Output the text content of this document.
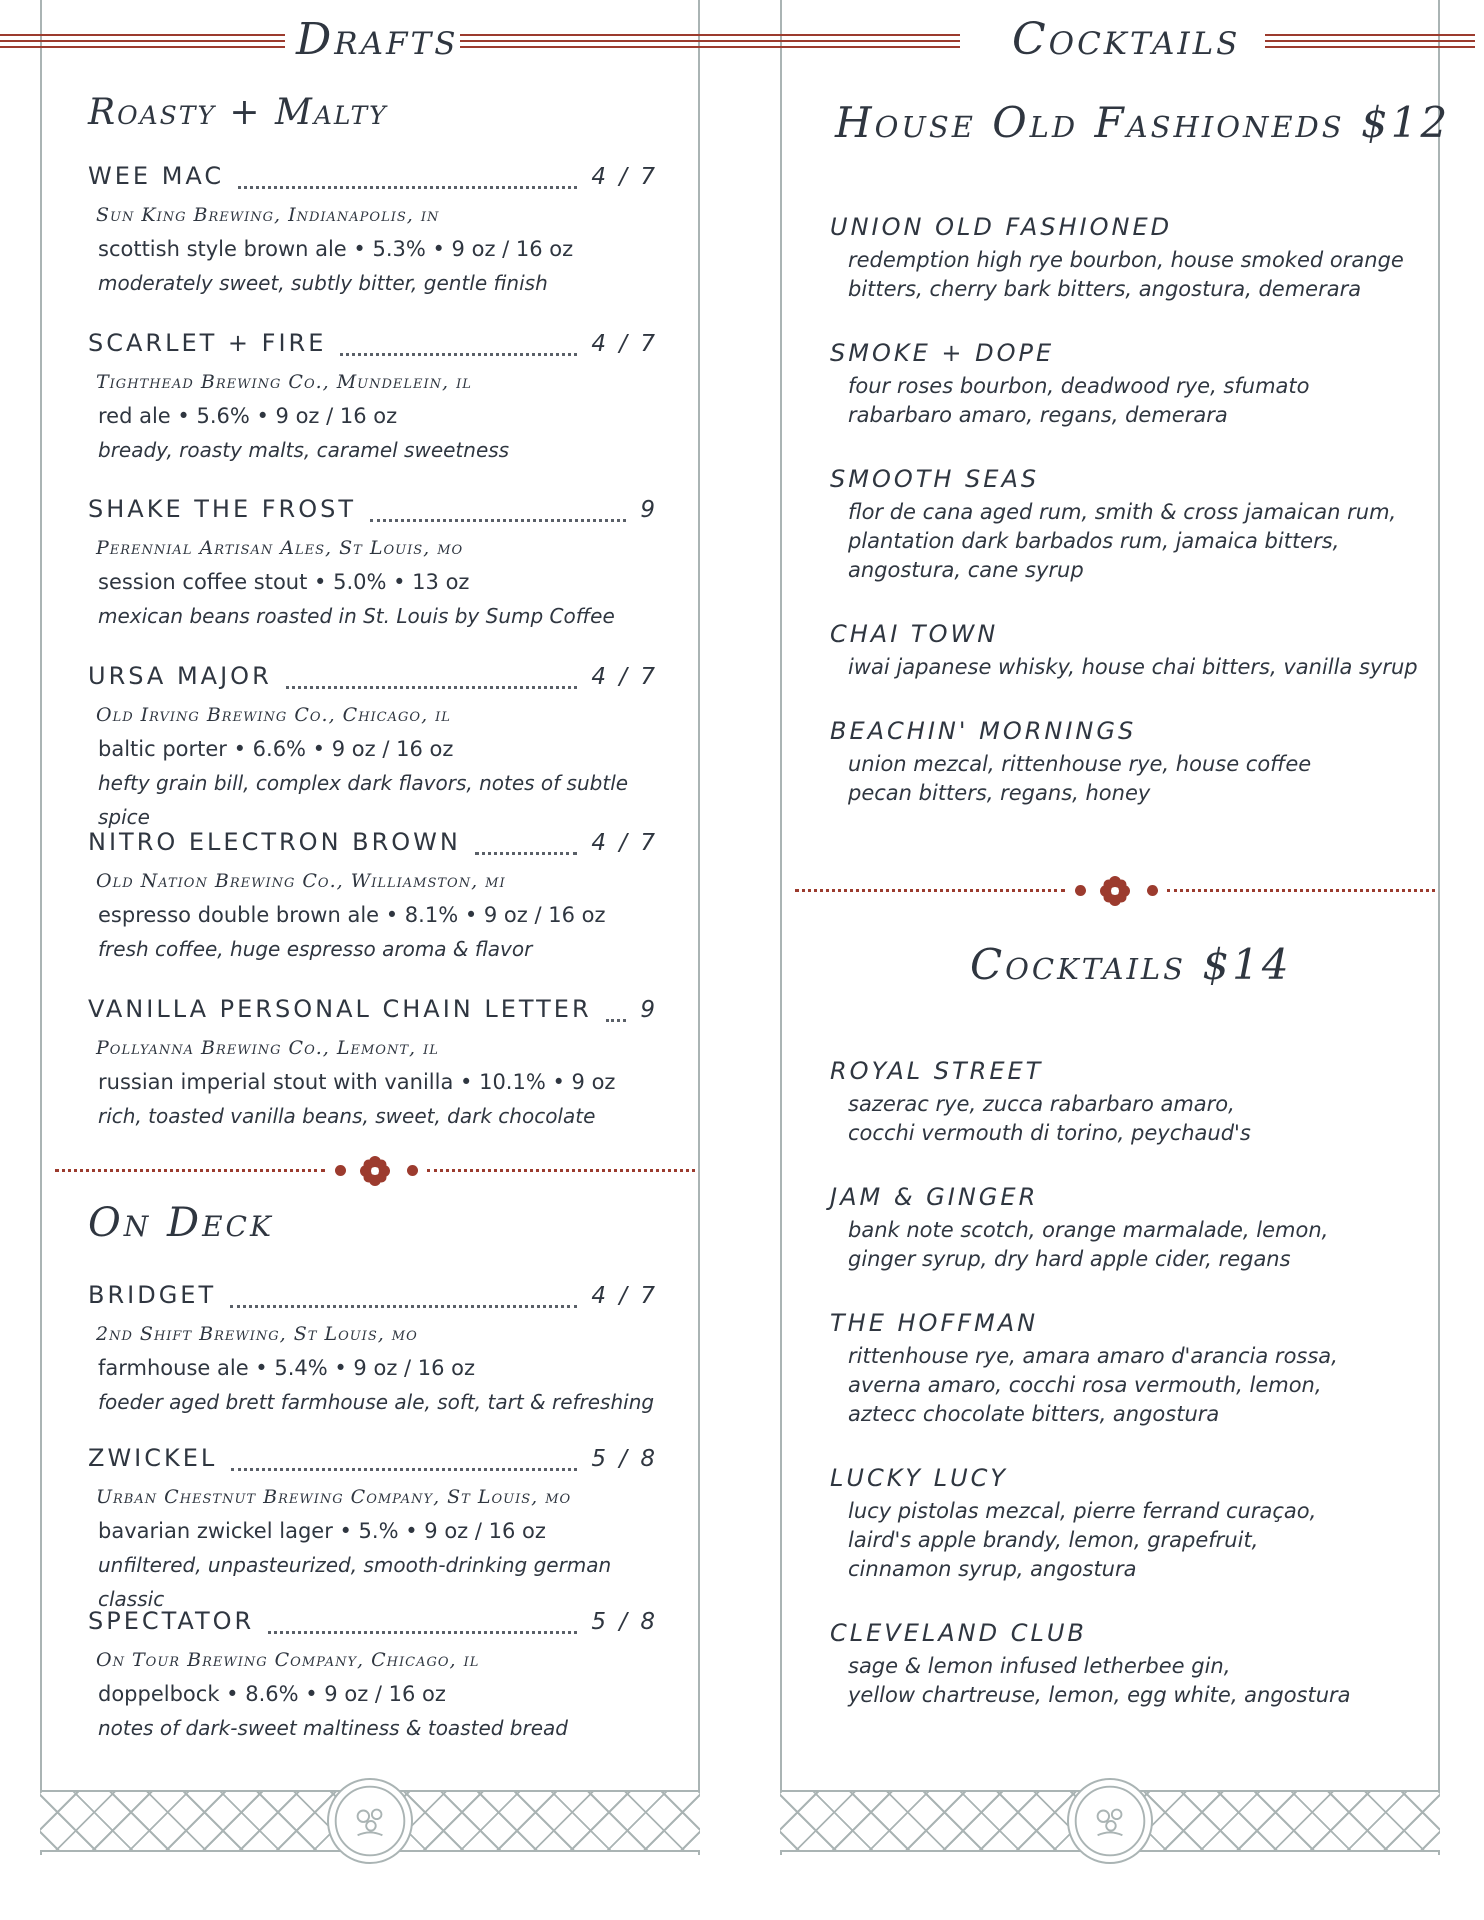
Drafts	Cocktails
Roasty + Malty
WEE MAC	4 / 7
Sun King Brewing, Indianapolis, in
scottish style brown ale • 5.3% • 9 oz / 16 oz
moderately sweet, subtly bitter, gentle finish
SCARLET + FIRE	4 / 7
Tighthead Brewing Co., Mundelein, il
red ale • 5.6% • 9 oz / 16 oz
bready, roasty malts, caramel sweetness
SHAKE THE FROST	9
Perennial Artisan Ales, St Louis, mo
session coffee stout • 5.0% • 13 oz
mexican beans roasted in St. Louis by Sump Coffee
URSA MAJOR	4 / 7
Old Irving Brewing Co., Chicago, il
baltic porter • 6.6% • 9 oz / 16 oz
hefty grain bill, complex dark flavors, notes of subtle spice
NITRO ELECTRON BROWN	4 / 7
Old Nation Brewing Co., Williamston, mi
espresso double brown ale • 8.1% • 9 oz / 16 oz
fresh coffee, huge espresso aroma & flavor
VANILLA PERSONAL CHAIN LETTER 9
Pollyanna Brewing Co., Lemont, il
russian imperial stout with vanilla • 10.1% • 9 oz
rich, toasted vanilla beans, sweet, dark chocolate
On Deck
BRIDGET	4 / 7
2nd Shift Brewing, St Louis, mo
farmhouse ale • 5.4% • 9 oz / 16 oz
foeder aged brett farmhouse ale, soft, tart & refreshing
ZWICKEL	5 / 8
Urban Chestnut Brewing Company, St Louis, mo
bavarian zwickel lager • 5.% • 9 oz / 16 oz
unfiltered, unpasteurized, smooth-drinking german classic
SPECTATOR	5 / 8
On Tour Brewing Company, Chicago, il
doppelbock • 8.6% • 9 oz / 16 oz
notes of dark-sweet maltiness & toasted bread
House Old Fashioneds $12
UNION OLD FASHIONED
redemption high rye bourbon, house smoked orange
bitters, cherry bark bitters, angostura, demerara
SMOKE + DOPE
four roses bourbon, deadwood rye, sfumato
rabarbaro amaro, regans, demerara
SMOOTH SEAS
flor de cana aged rum, smith & cross jamaican rum,
plantation dark barbados rum, jamaica bitters,
angostura, cane syrup
CHAI TOWN
iwai japanese whisky, house chai bitters, vanilla syrup
BEACHIN' MORNINGS
union mezcal, rittenhouse rye, house coffee
pecan bitters, regans, honey
Cocktails $14
ROYAL STREET
sazerac rye, zucca rabarbaro amaro,
cocchi vermouth di torino, peychaud's
JAM & GINGER
bank note scotch, orange marmalade, lemon,
ginger syrup, dry hard apple cider, regans
THE HOFFMAN
rittenhouse rye, amara amaro d'arancia rossa,
averna amaro, cocchi rosa vermouth, lemon,
aztecc chocolate bitters, angostura
LUCKY LUCY
lucy pistolas mezcal, pierre ferrand curaçao,
laird's apple brandy, lemon, grapefruit,
cinnamon syrup, angostura
CLEVELAND CLUB
sage & lemon infused letherbee gin,
yellow chartreuse, lemon, egg white, angostura
